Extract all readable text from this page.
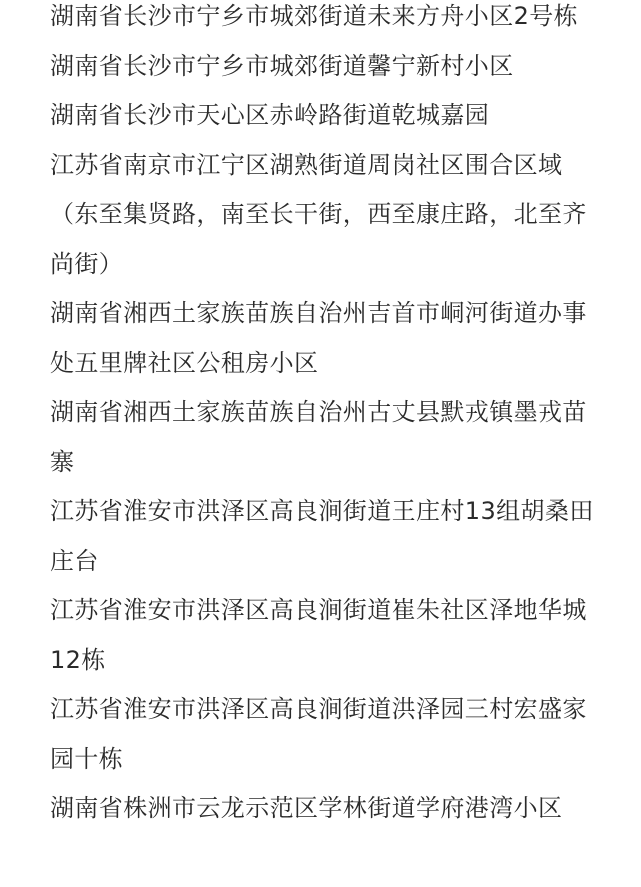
湖南省长沙市宁乡市城郊街道未来方舟小区2号栋
湖南省长沙市宁乡市城郊街道馨宁新村小区
湖南省长沙市天心区赤岭路街道乾城嘉园
江苏省南京市江宁区湖熟街道周岗社区围合区域（东至集贤路，南至长干街，西至康庄路，北至齐尚街）
湖南省湘西土家族苗族自治州吉首市峒河街道办事处五里牌社区公租房小区
湖南省湘西土家族苗族自治州古丈县默戎镇墨戎苗寨
江苏省淮安市洪泽区高良涧街道王庄村13组胡桑田庄台
江苏省淮安市洪泽区高良涧街道崔朱社区泽地华城12栋
江苏省淮安市洪泽区高良涧街道洪泽园三村宏盛家园十栋
湖南省株洲市云龙示范区学林街道学府港湾小区
